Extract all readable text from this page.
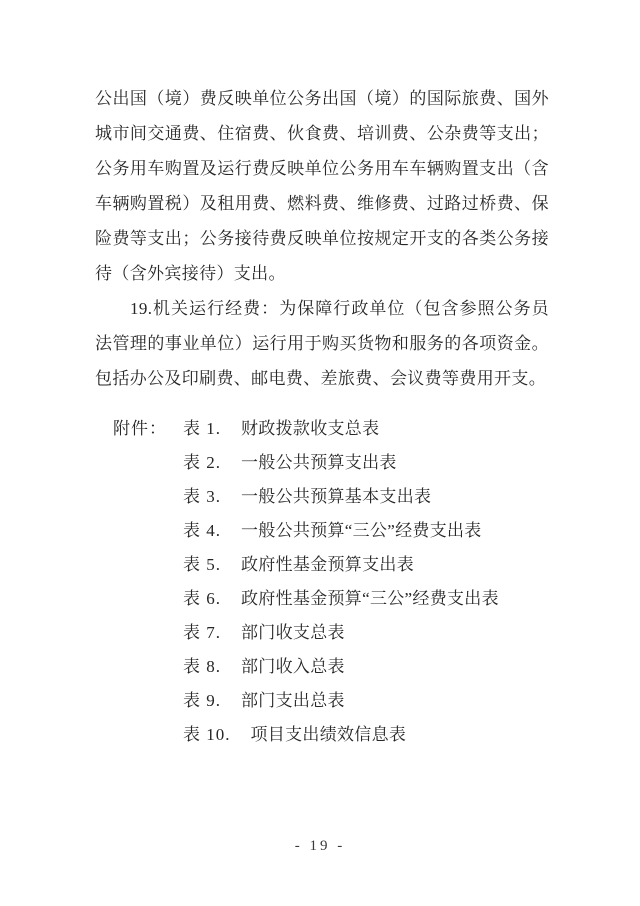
公出国（境）费反映单位公务出国（境）的国际旅费、国外城市间交通费、住宿费、伙食费、培训费、公杂费等支出；公务用车购置及运行费反映单位公务用车车辆购置支出（含车辆购置税）及租用费、燃料费、维修费、过路过桥费、保险费等支出；公务接待费反映单位按规定开支的各类公务接待（含外宾接待）支出。

19.机关运行经费：为保障行政单位（包含参照公务员法管理的事业单位）运行用于购买货物和服务的各项资金。包括办公及印刷费、邮电费、差旅费、会议费等费用开支。

附件： 表 1. 财政拨款收支总表
表 2. 一般公共预算支出表
表 3. 一般公共预算基本支出表
表 4. 一般公共预算“三公”经费支出表
表 5. 政府性基金预算支出表
表 6. 政府性基金预算“三公”经费支出表
表 7. 部门收支总表
表 8. 部门收入总表
表 9. 部门支出总表
表 10. 项目支出绩效信息表
- 19 -
